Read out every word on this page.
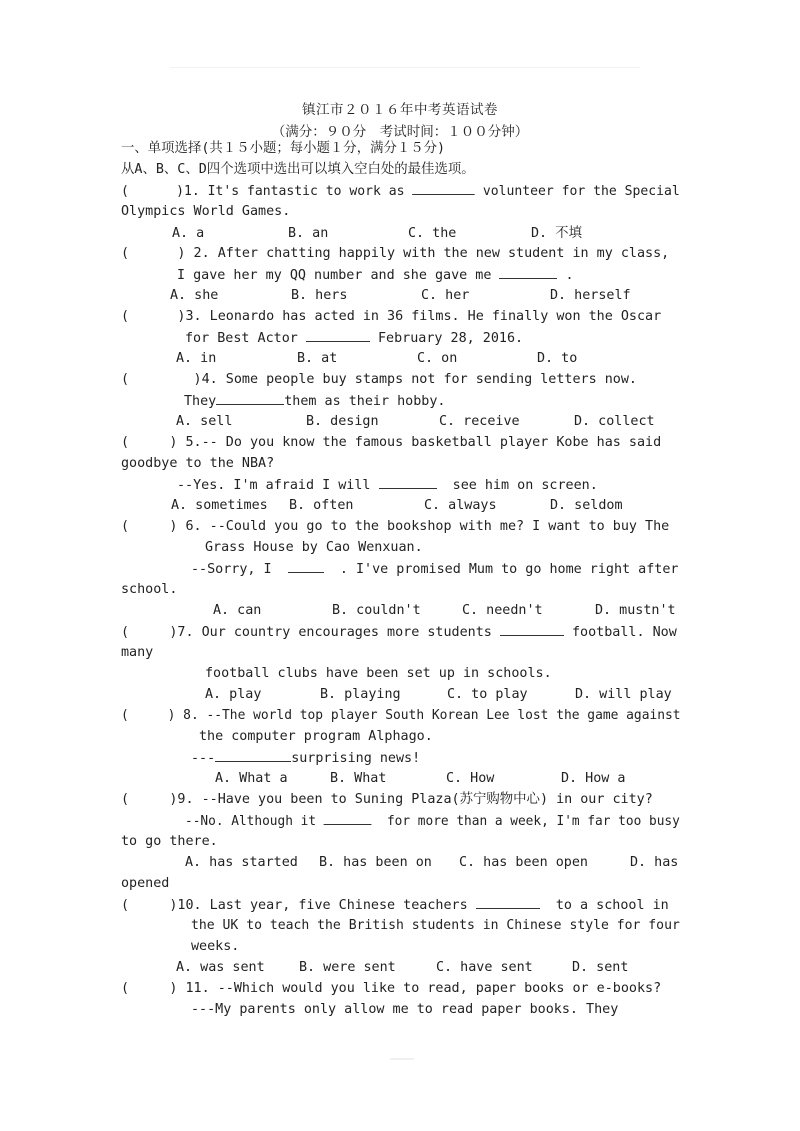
镇江市２０１６年中考英语试卷
（满分：９０分　考试时间：１００分钟）
一、单项选择(共１５小题；每小题１分，满分１５分)
从A、B、C、D四个选项中选出可以填入空白处的最佳选项。
(      )1. It's fantastic to work as	volunteer for the Special
Olympics World Games.
A. a	B. an	C. the	D. 不填
(      ) 2. After chatting happily with the new student in my class,
I gave her my QQ number and she gave me	.
A. she	B. hers	C. her	D. herself
(      )3. Leonardo has acted in 36 films. He finally won the Oscar
for Best Actor	February 28, 2016.
A. in	B. at	C. on	D. to
(        )4. Some people buy stamps not for sending letters now.
They	them as their hobby.
A. sell	B. design	C. receive	D. collect
(     ) 5.-- Do you know the famous basketball player Kobe has said
goodbye to the NBA?
--Yes. I'm afraid I will	see him on screen.
A. sometimes B. often	C. always	D. seldom
(     ) 6. --Could you go to the bookshop with me? I want to buy The
Grass House by Cao Wenxuan.
--Sorry, I	. I've promised Mum to go home right after
school.
A. can	B. couldn't	C. needn't	D. mustn't
(     )7. Our country encourages more students	football. Now
many
football clubs have been set up in schools.
A. play	B. playing	C. to play	D. will play
(     ) 8. --The world top player South Korean Lee lost the game against
the computer program Alphago.
---	surprising news!
A. What a	B. What	C. How	D. How a
(     )9. --Have you been to Suning Plaza(苏宁购物中心) in our city?
--No. Although it	for more than a week, I'm far too busy
to go there.
A. has started B. has been on C. has been open	D. has
opened
(     )10. Last year, five Chinese teachers	to a school in
the UK to teach the British students in Chinese style for four
weeks.
A. was sent	B. were sent	C. have sent	D. sent
(     ) 11. --Which would you like to read, paper books or e-books?
---My parents only allow me to read paper books. They
